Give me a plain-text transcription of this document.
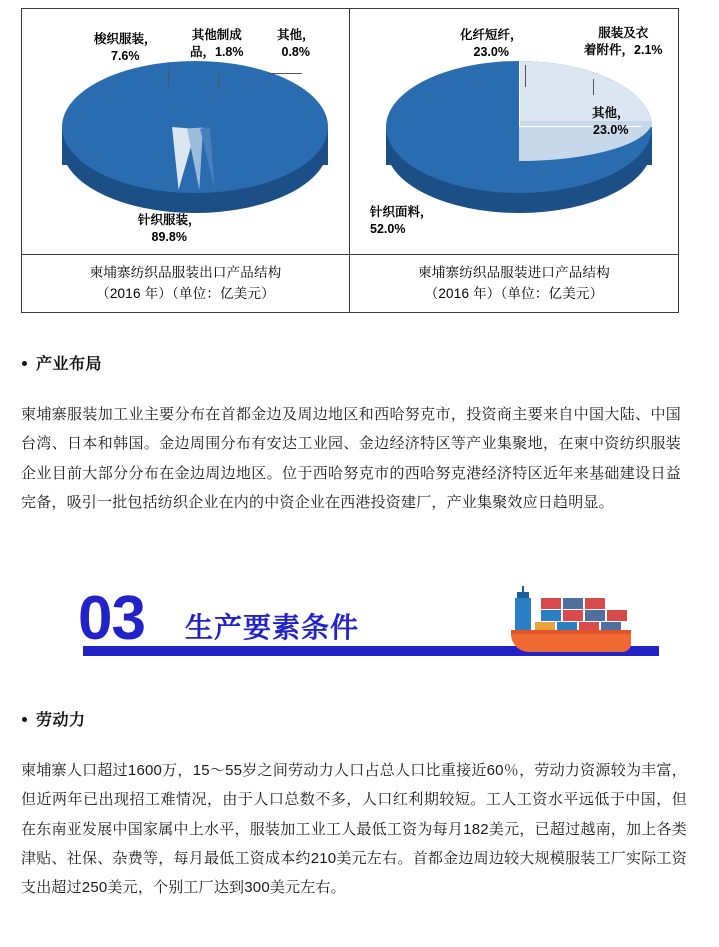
梭织服装，
7.6%
其他制成
品，1.8%
其他，
0.8%
针织服装，
89.8%
柬埔寨纺织品服装出口产品结构
（2016 年）（单位：亿美元）
化纤短纤，
23.0%
服装及衣
着附件，2.1%
其他，
23.0%
针织面料，
52.0%
柬埔寨纺织品服装进口产品结构
（2016 年）（单位：亿美元）
产业布局
柬埔寨服装加工业主要分布在首都金边及周边地区和西哈努克市，投资商主要来自中国大陆、中国台湾、日本和韩国。金边周围分布有安达工业园、金边经济特区等产业集聚地，在柬中资纺织服装企业目前大部分分布在金边周边地区。位于西哈努克市的西哈努克港经济特区近年来基础建设日益完备，吸引一批包括纺织企业在内的中资企业在西港投资建厂，产业集聚效应日趋明显。
03 生产要素条件
劳动力
柬埔寨人口超过1600万，15～55岁之间劳动力人口占总人口比重接近60％，劳动力资源较为丰富，但近两年已出现招工难情况，由于人口总数不多，人口红利期较短。工人工资水平远低于中国，但在东南亚发展中国家属中上水平，服装加工业工人最低工资为每月182美元，已超过越南，加上各类津贴、社保、杂费等，每月最低工资成本约210美元左右。首都金边周边较大规模服装工厂实际工资支出超过250美元，个别工厂达到300美元左右。
